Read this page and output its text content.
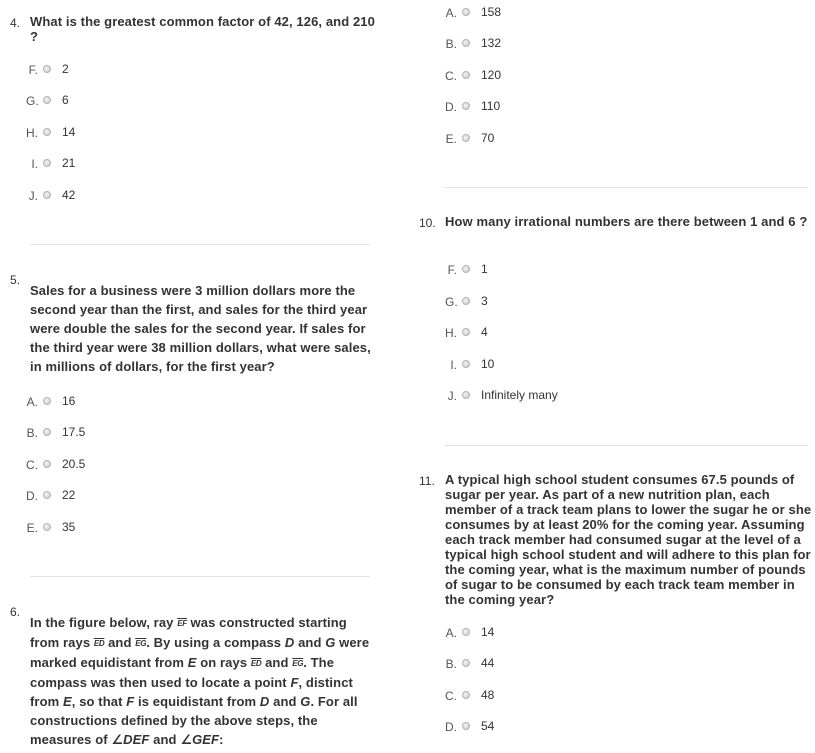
4. What is the greatest common factor of 42, 126, and 210 ?
F. 2
G. 6
H. 14
I. 21
J. 42
5.
Sales for a business were 3 million dollars more the second year than the first, and sales for the third year were double the sales for the second year. If sales for the third year were 38 million dollars, what were sales, in millions of dollars, for the first year?
A. 16
B. 17.5
C. 20.5
D. 22
E. 35
6.
In the figure below, ray $\overline{EF}$ was constructed starting from rays $\overline{ED}$ and $\overline{EG}$. By using a compass D and G were marked equidistant from E on rays $\overline{ED}$ and $\overline{EG}$. The compass was then used to locate a point F, distinct from E, so that F is equidistant from D and G. For all constructions defined by the above steps, the measures of ∠DEF and ∠GEF:
A. 158
B. 132
C. 120
D. 110
E. 70
10. How many irrational numbers are there between 1 and 6 ?
F. 1
G. 3
H. 4
I. 10
J. Infinitely many
11. A typical high school student consumes 67.5 pounds of sugar per year. As part of a new nutrition plan, each member of a track team plans to lower the sugar he or she consumes by at least 20% for the coming year. Assuming each track member had consumed sugar at the level of a typical high school student and will adhere to this plan for the coming year, what is the maximum number of pounds of sugar to be consumed by each track team member in the coming year?
A. 14
B. 44
C. 48
D. 54
